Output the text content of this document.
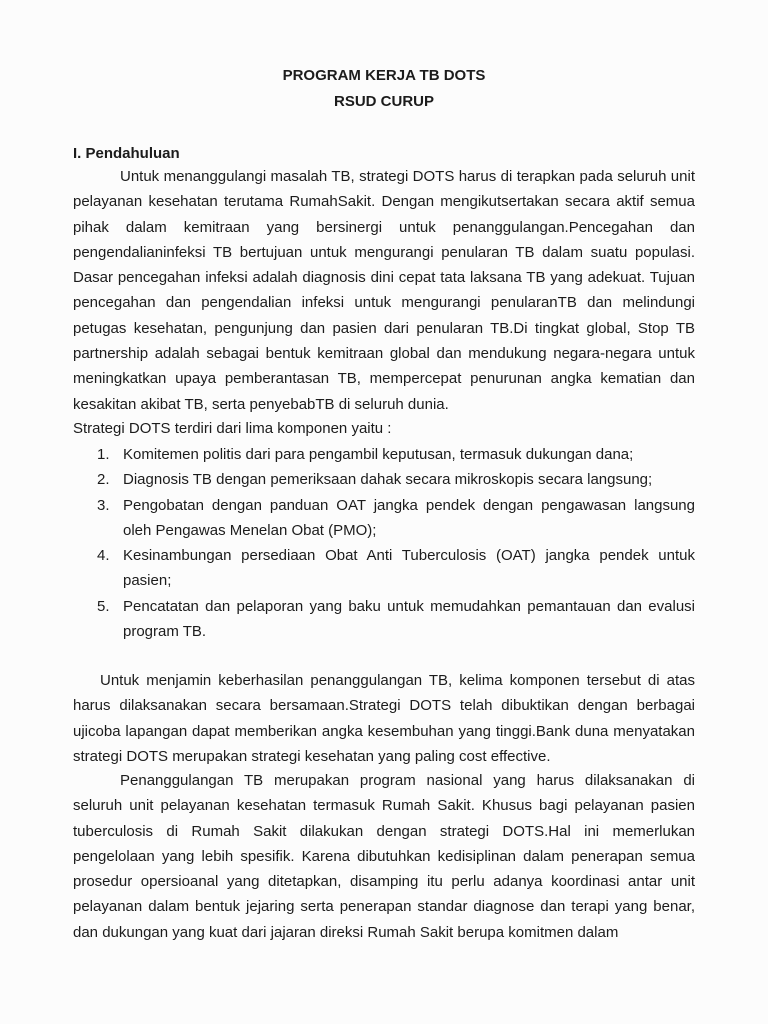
PROGRAM KERJA TB DOTS
RSUD CURUP
I. Pendahuluan

Untuk menanggulangi masalah TB, strategi DOTS harus di terapkan pada seluruh unit pelayanan kesehatan terutama RumahSakit. Dengan mengikutsertakan secara aktif semua pihak dalam kemitraan yang bersinergi untuk penanggulangan.Pencegahan dan pengendalianinfeksi TB bertujuan untuk mengurangi penularan TB dalam suatu populasi. Dasar pencegahan infeksi adalah diagnosis dini cepat tata laksana TB yang adekuat. Tujuan pencegahan dan pengendalian infeksi untuk mengurangi penularanTB dan melindungi petugas kesehatan, pengunjung dan pasien dari penularan TB.Di tingkat global, Stop TB partnership adalah sebagai bentuk kemitraan global dan mendukung negara-negara untuk meningkatkan upaya pemberantasan TB, mempercepat penurunan angka kematian dan kesakitan akibat TB, serta penyebabTB di seluruh dunia.

Strategi DOTS terdiri dari lima komponen yaitu :

1. Komitemen politis dari para pengambil keputusan, termasuk dukungan dana;
2. Diagnosis TB dengan pemeriksaan dahak secara mikroskopis secara langsung;
3. Pengobatan dengan panduan OAT jangka pendek dengan pengawasan langsung oleh Pengawas Menelan Obat (PMO);
4. Kesinambungan persediaan Obat Anti Tuberculosis (OAT) jangka pendek untuk pasien;
5. Pencatatan dan pelaporan yang baku untuk memudahkan pemantauan dan evalusi program TB.

Untuk menjamin keberhasilan penanggulangan TB, kelima komponen tersebut di atas harus dilaksanakan secara bersamaan.Strategi DOTS telah dibuktikan dengan berbagai ujicoba lapangan dapat memberikan angka kesembuhan yang tinggi.Bank duna menyatakan strategi DOTS merupakan strategi kesehatan yang paling cost effective.

Penanggulangan TB merupakan program nasional yang harus dilaksanakan di seluruh unit pelayanan kesehatan termasuk Rumah Sakit. Khusus bagi pelayanan pasien tuberculosis di Rumah Sakit dilakukan dengan strategi DOTS.Hal ini memerlukan pengelolaan yang lebih spesifik. Karena dibutuhkan kedisiplinan dalam penerapan semua prosedur opersioanal yang ditetapkan, disamping itu perlu adanya koordinasi antar unit pelayanan dalam bentuk jejaring serta penerapan standar diagnose dan terapi yang benar, dan dukungan yang kuat dari jajaran direksi Rumah Sakit berupa komitmen dalam
